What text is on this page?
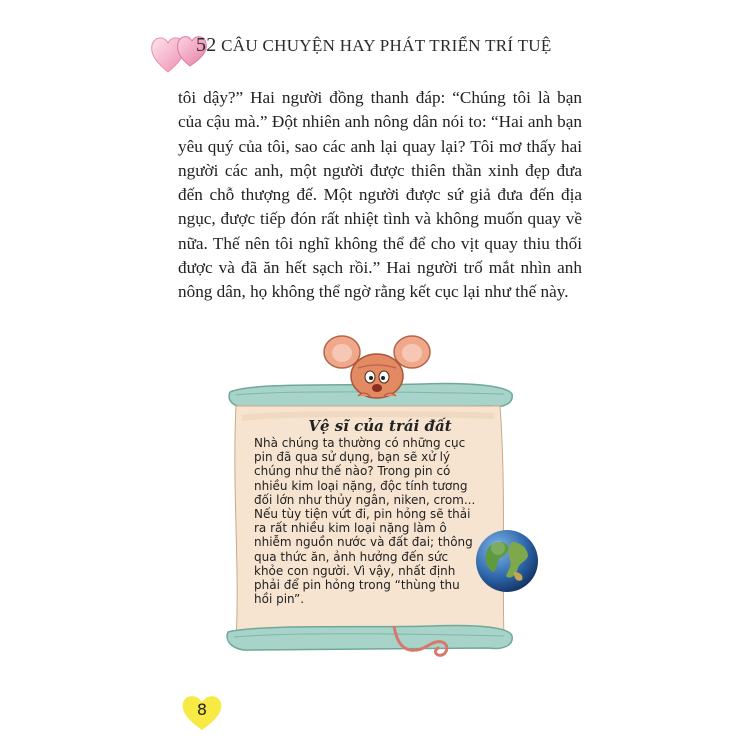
52 CÂU CHUYỆN HAY PHÁT TRIỂN TRÍ TUỆ

tôi dậy?” Hai người đồng thanh đáp: “Chúng tôi là bạn của cậu mà.” Đột nhiên anh nông dân nói to: “Hai anh bạn yêu quý của tôi, sao các anh lại quay lại? Tôi mơ thấy hai người các anh, một người được thiên thần xinh đẹp đưa đến chỗ thượng đế. Một người được sứ giả đưa đến địa ngục, được tiếp đón rất nhiệt tình và không muốn quay về nữa. Thế nên tôi nghĩ không thể để cho vịt quay thiu thối được và đã ăn hết sạch rồi.” Hai người trố mắt nhìn anh nông dân, họ không thể ngờ rằng kết cục lại như thế này.

Vệ sĩ của trái đất

Nhà chúng ta thường có những cục pin đã qua sử dụng, bạn sẽ xử lý chúng như thế nào? Trong pin có nhiều kim loại nặng, độc tính tương đối lớn như thủy ngân, niken, crom... Nếu tùy tiện vứt đi, pin hỏng sẽ thải ra rất nhiều kim loại nặng làm ô nhiễm nguồn nước và đất đai; thông qua thức ăn, ảnh hưởng đến sức khỏe con người. Vì vậy, nhất định phải để pin hỏng trong “thùng thu hồi pin”.

8
